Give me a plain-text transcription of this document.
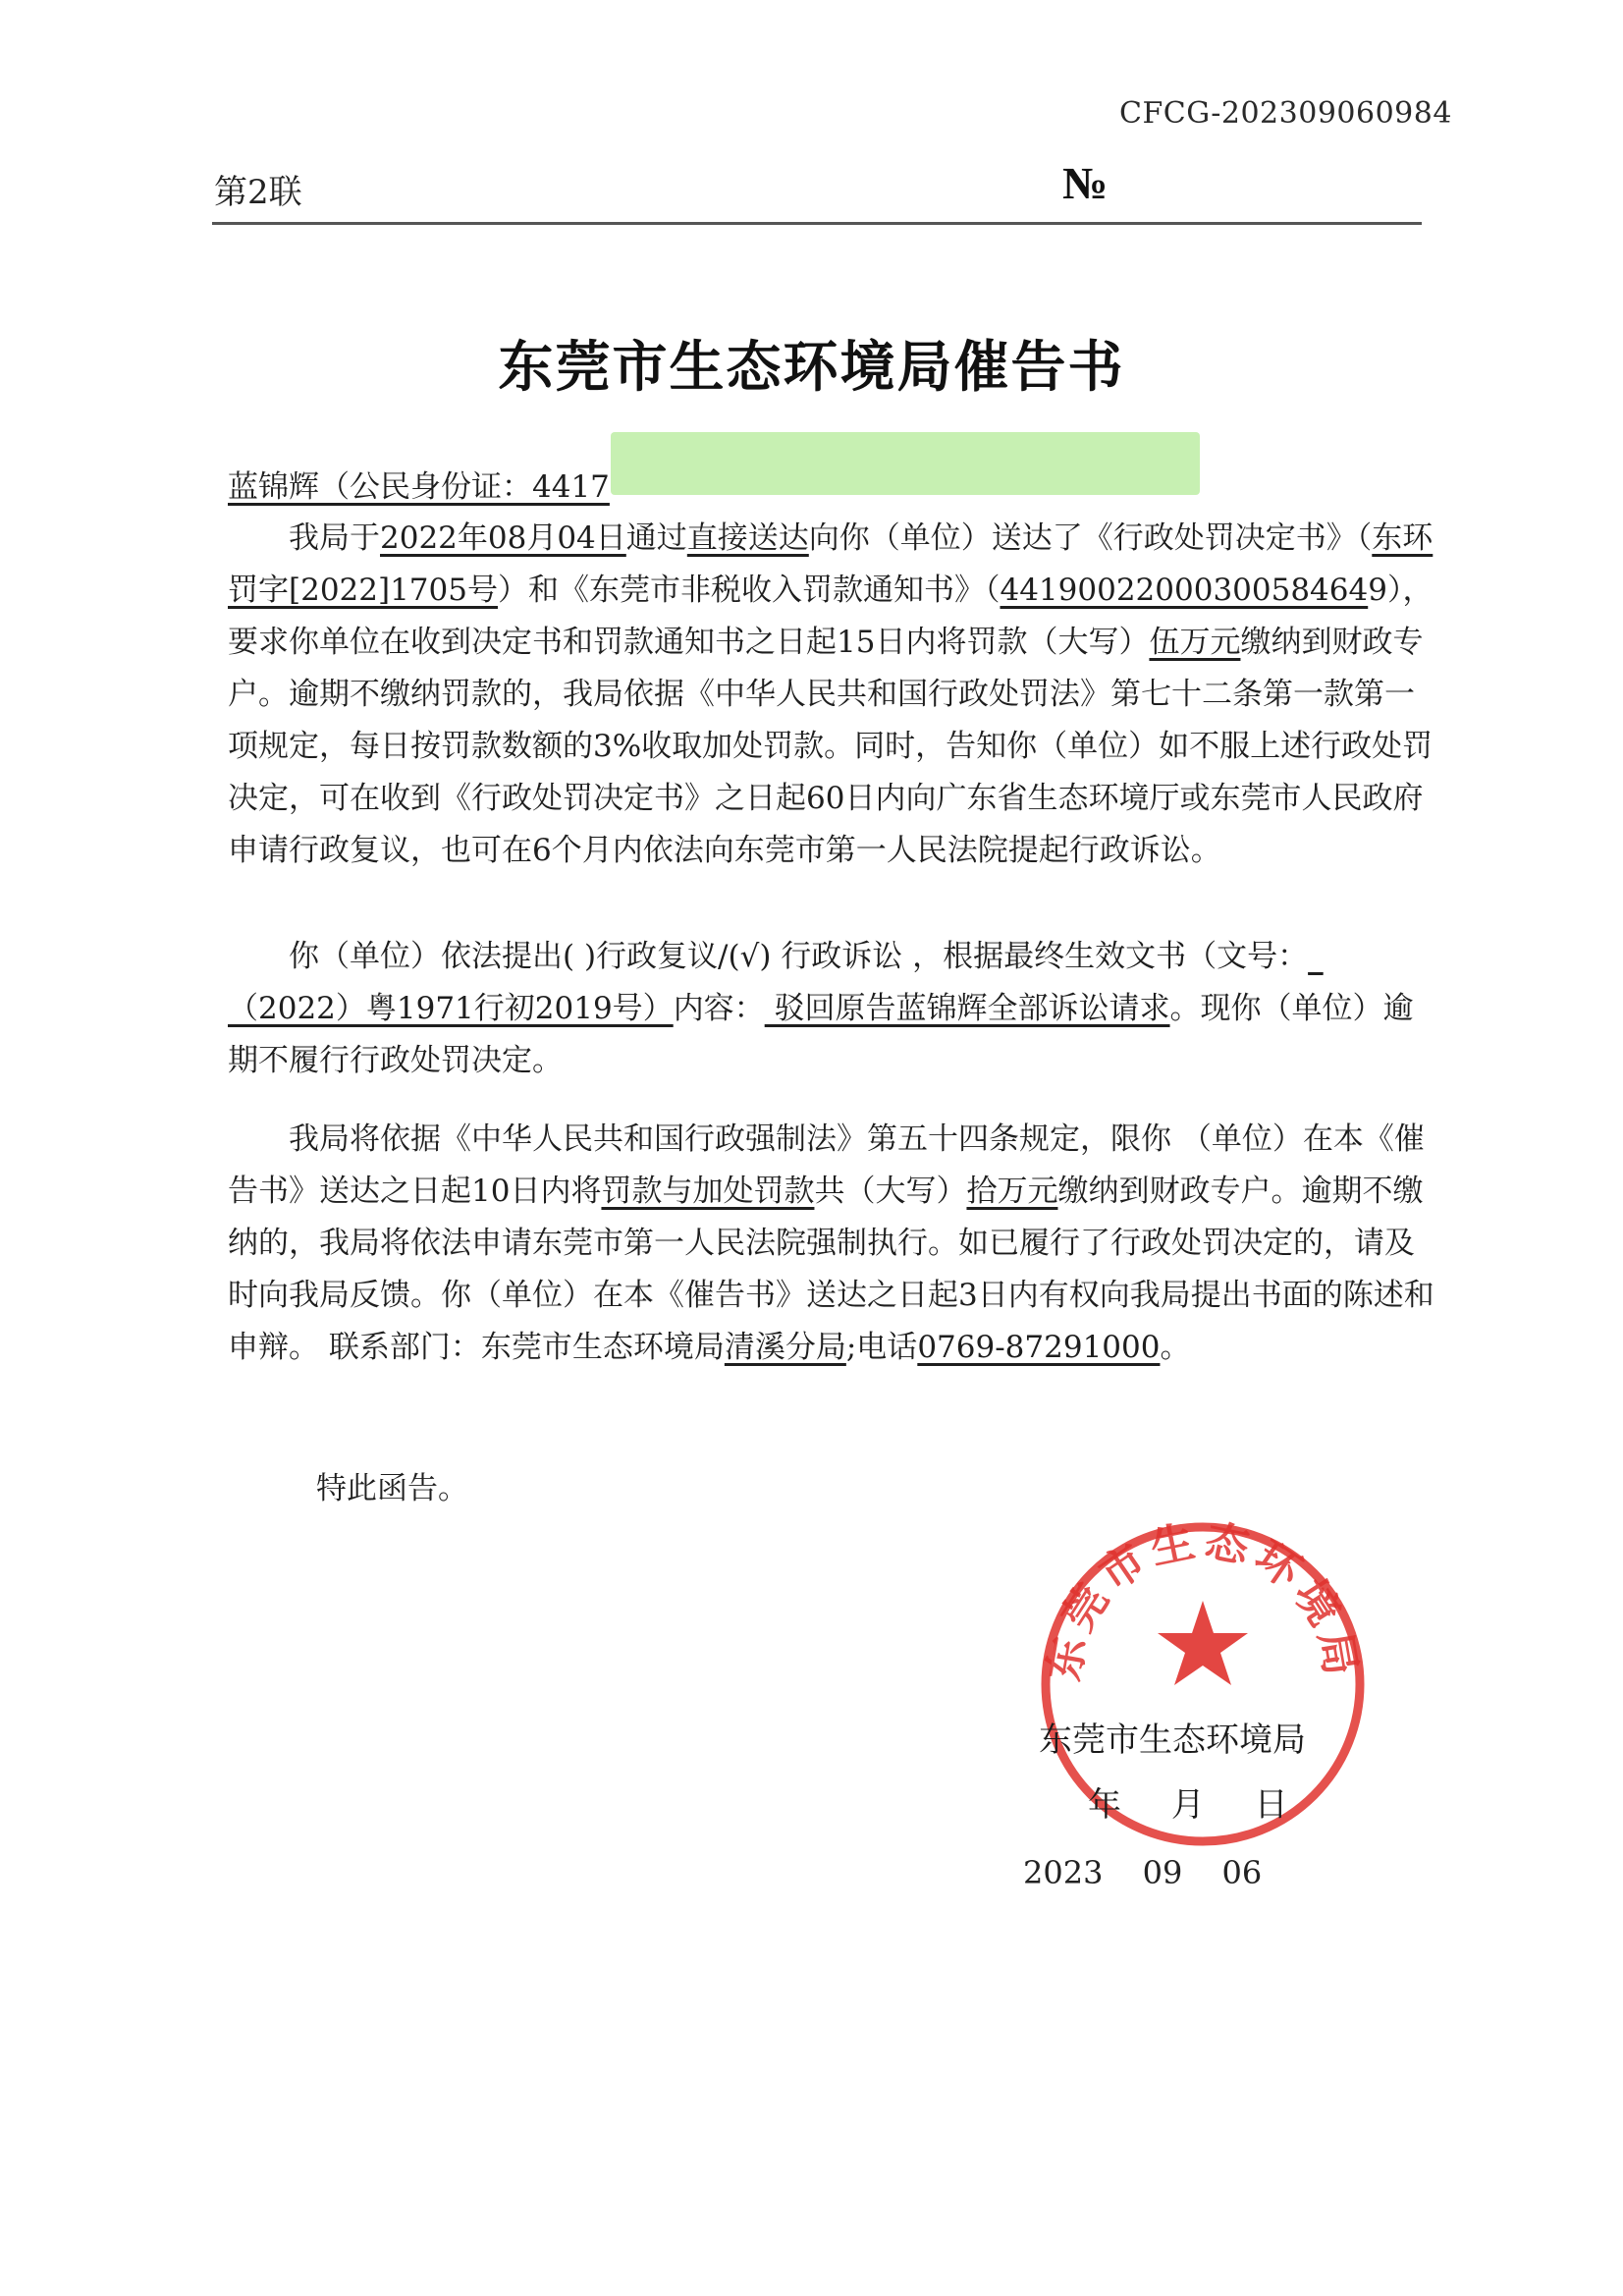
CFCG-202309060984
第2联	№
东莞市生态环境局催告书
蓝锦辉（公民身份证：4417
我局于2022年08月04日通过直接送达向你（单位）送达了《行政处罚决定书》（东环罚字[2022]1705号）和《东莞市非税收入罚款通知书》（44190022000300584649），要求你单位在收到决定书和罚款通知书之日起15日内将罚款（大写）伍万元缴纳到财政专户。逾期不缴纳罚款的，我局依据《中华人民共和国行政处罚法》第七十二条第一款第一项规定，每日按罚款数额的3%收取加处罚款。同时，告知你（单位）如不服上述行政处罚决定，可在收到《行政处罚决定书》之日起60日内向广东省生态环境厅或东莞市人民政府申请行政复议，也可在6个月内依法向东莞市第一人民法院提起行政诉讼。
你（单位）依法提出( )行政复议/(√) 行政诉讼 ，根据最终生效文书（文号：_（2022）粤1971行初2019号）内容： 驳回原告蓝锦辉全部诉讼请求。现你（单位）逾期不履行行政处罚决定。
我局将依据《中华人民共和国行政强制法》第五十四条规定，限你 （单位）在本《催告书》送达之日起10日内将罚款与加处罚款共（大写）拾万元缴纳到财政专户。逾期不缴纳的，我局将依法申请东莞市第一人民法院强制执行。如已履行了行政处罚决定的，请及时向我局反馈。你（单位）在本《催告书》送达之日起3日内有权向我局提出书面的陈述和申辩。 联系部门：东莞市生态环境局清溪分局;电话0769-87291000。
特此函告。
东莞市生态环境局
东莞市生态环境局
年 月 日
2023 09 06
